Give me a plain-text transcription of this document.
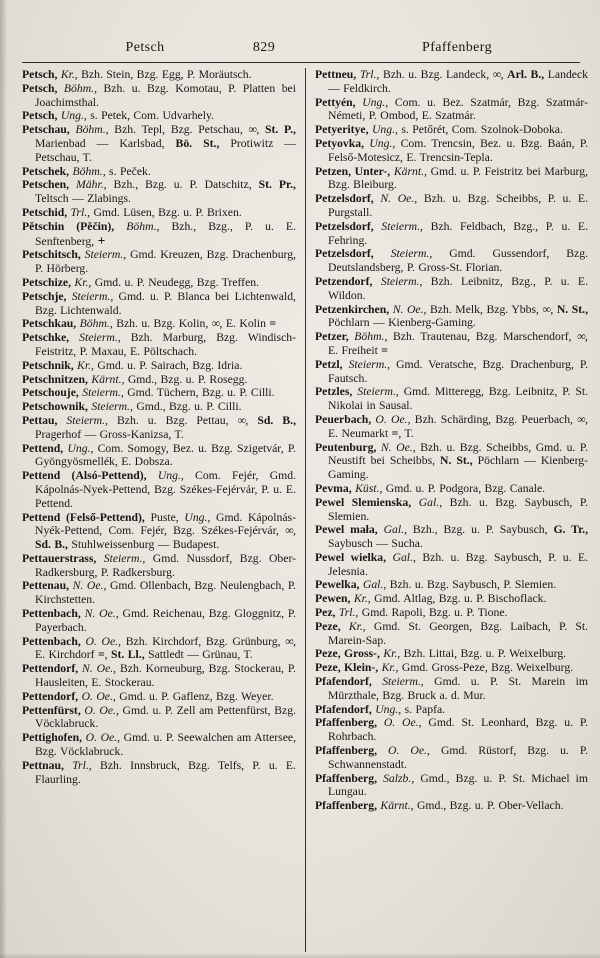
Petsch	829	Pfaffenberg

Petsch, Kr., Bzh. Stein, Bzg. Egg, P. Moräutsch.

Petsch, Böhm., Bzh. u. Bzg. Komotau, P. Platten bei Joachimsthal.

Petsch, Ung., s. Petek, Com. Udvarhely.

Petschau, Böhm., Bzh. Tepl, Bzg. Petschau, ∞, St. P., Marienbad — Karlsbad, Bö. St., Protiwitz — Petschau, T.

Petschek, Böhm., s. Peček.

Petschen, Mähr., Bzh., Bzg. u. P. Datschitz, St. Pr., Teltsch — Zlabings.

Petschid, Trl., Gmd. Lüsen, Bzg. u. P. Brixen.

Pětschin (Pěčin), Böhm., Bzh., Bzg., P. u. E. Senftenberg, +

Petschitsch, Steierm., Gmd. Kreuzen, Bzg. Drachenburg, P. Hörberg.

Petschize, Kr., Gmd. u. P. Neudegg, Bzg. Treffen.

Petschje, Steierm., Gmd. u. P. Blanca bei Lichtenwald, Bzg. Lichtenwald.

Petschkau, Böhm., Bzh. u. Bzg. Kolin, ∞, E. Kolin =

Petschke, Steierm., Bzh. Marburg, Bzg. Windisch-Feistritz, P. Maxau, E. Pöltschach.

Petschnik, Kr., Gmd. u. P. Sairach, Bzg. Idria.

Petschnitzen, Kärnt., Gmd., Bzg. u. P. Rosegg.

Petschouje, Steierm., Gmd. Tüchern, Bzg. u. P. Cilli.

Petschownik, Steierm., Gmd., Bzg. u. P. Cilli.

Pettau, Steierm., Bzh. u. Bzg. Pettau, ∞, Sd. B., Pragerhof — Gross-Kanizsa, T.

Pettend, Ung., Com. Somogy, Bez. u. Bzg. Szigetvár, P. Gyöngyösmellék, E. Dobsza.

Pettend (Alsó-Pettend), Ung., Com. Fejér, Gmd. Kápolnás-Nyek-Pettend, Bzg. Székes-Fejérvár, P. u. E. Pettend.

Pettend (Felső-Pettend), Puste, Ung., Gmd. Kápolnás-Nyék-Pettend, Com. Fejér, Bzg. Székes-Fejérvár, ∞, Sd. B., Stuhlweissenburg — Budapest.

Pettauerstrass, Steierm., Gmd. Nussdorf, Bzg. Ober-Radkersburg, P. Radkersburg.

Pettenau, N. Oe., Gmd. Ollenbach, Bzg. Neulengbach, P. Kirchstetten.

Pettenbach, N. Oe., Gmd. Reichenau, Bzg. Gloggnitz, P. Payerbach.

Pettenbach, O. Oe., Bzh. Kirchdorf, Bzg. Grünburg, ∞, E. Kirchdorf =, St. Ll., Sattledt — Grünau, T.

Pettendorf, N. Oe., Bzh. Korneuburg, Bzg. Stockerau, P. Hausleiten, E. Stockerau.

Pettendorf, O. Oe., Gmd. u. P. Gaflenz, Bzg. Weyer.

Pettenfürst, O. Oe., Gmd. u. P. Zell am Pettenfürst, Bzg. Vöcklabruck.

Pettighofen, O. Oe., Gmd. u. P. Seewalchen am Attersee, Bzg. Vöcklabruck.

Pettnau, Trl., Bzh. Innsbruck, Bzg. Telfs, P. u. E. Flaurling.

Pettneu, Trl., Bzh. u. Bzg. Landeck, ∞, Arl. B., Landeck — Feldkirch.

Pettyén, Ung., Com. u. Bez. Szatmár, Bzg. Szatmár-Németi, P. Ombod, E. Szatmár.

Petyeritye, Ung., s. Petőrét, Com. Szolnok-Doboka.

Petyovka, Ung., Com. Trencsin, Bez. u. Bzg. Baán, P. Felső-Motesicz, E. Trencsin-Tepla.

Petzen, Unter-, Kärnt., Gmd. u. P. Feistritz bei Marburg, Bzg. Bleiburg.

Petzelsdorf, N. Oe., Bzh. u. Bzg. Scheibbs, P. u. E. Purgstall.

Petzelsdorf, Steierm., Bzh. Feldbach, Bzg., P. u. E. Fehring.

Petzelsdorf, Steierm., Gmd. Gussendorf, Bzg. Deutslandsberg, P. Gross-St. Florian.

Petzendorf, Steierm., Bzh. Leibnitz, Bzg., P. u. E. Wildon.

Petzenkirchen, N. Oe., Bzh. Melk, Bzg. Ybbs, ∞, N. St., Pöchlarn — Kienberg-Gaming.

Petzer, Böhm., Bzh. Trautenau, Bzg. Marschendorf, ∞, E. Freiheit =

Petzl, Steierm., Gmd. Veratsche, Bzg. Drachenburg, P. Fautsch.

Petzles, Steierm., Gmd. Mitteregg, Bzg. Leibnitz, P. St. Nikolai in Sausal.

Peuerbach, O. Oe., Bzh. Schärding, Bzg. Peuerbach, ∞, E. Neumarkt =, T.

Peutenburg, N. Oe., Bzh. u. Bzg. Scheibbs, Gmd. u. P. Neustift bei Scheibbs, N. St., Pöchlarn — Kienberg-Gaming.

Pevma, Küst., Gmd. u. P. Podgora, Bzg. Canale.

Pewel Slemienska, Gal., Bzh. u. Bzg. Saybusch, P. Slemien.

Pewel mała, Gal., Bzh., Bzg. u. P. Saybusch, G. Tr., Saybusch — Sucha.

Pewel wielka, Gal., Bzh. u. Bzg. Saybusch, P. u. E. Jelesnia.

Pewelka, Gal., Bzh. u. Bzg. Saybusch, P. Slemien.

Pewen, Kr., Gmd. Altlag, Bzg. u. P. Bischoflack.

Pez, Trl., Gmd. Rapoli, Bzg. u. P. Tione.

Peze, Kr., Gmd. St. Georgen, Bzg. Laibach, P. St. Marein-Sap.

Peze, Gross-, Kr., Bzh. Littai, Bzg. u. P. Weixelburg.

Peze, Klein-, Kr., Gmd. Gross-Peze, Bzg. Weixelburg.

Pfafendorf, Steierm., Gmd. u. P. St. Marein im Mürzthale, Bzg. Bruck a. d. Mur.

Pfafendorf, Ung., s. Papfa.

Pfaffenberg, O. Oe., Gmd. St. Leonhard, Bzg. u. P. Rohrbach.

Pfaffenberg, O. Oe., Gmd. Rüstorf, Bzg. u. P. Schwannenstadt.

Pfaffenberg, Salzb., Gmd., Bzg. u. P. St. Michael im Lungau.

Pfaffenberg, Kärnt., Gmd., Bzg. u. P. Ober-Vellach.
